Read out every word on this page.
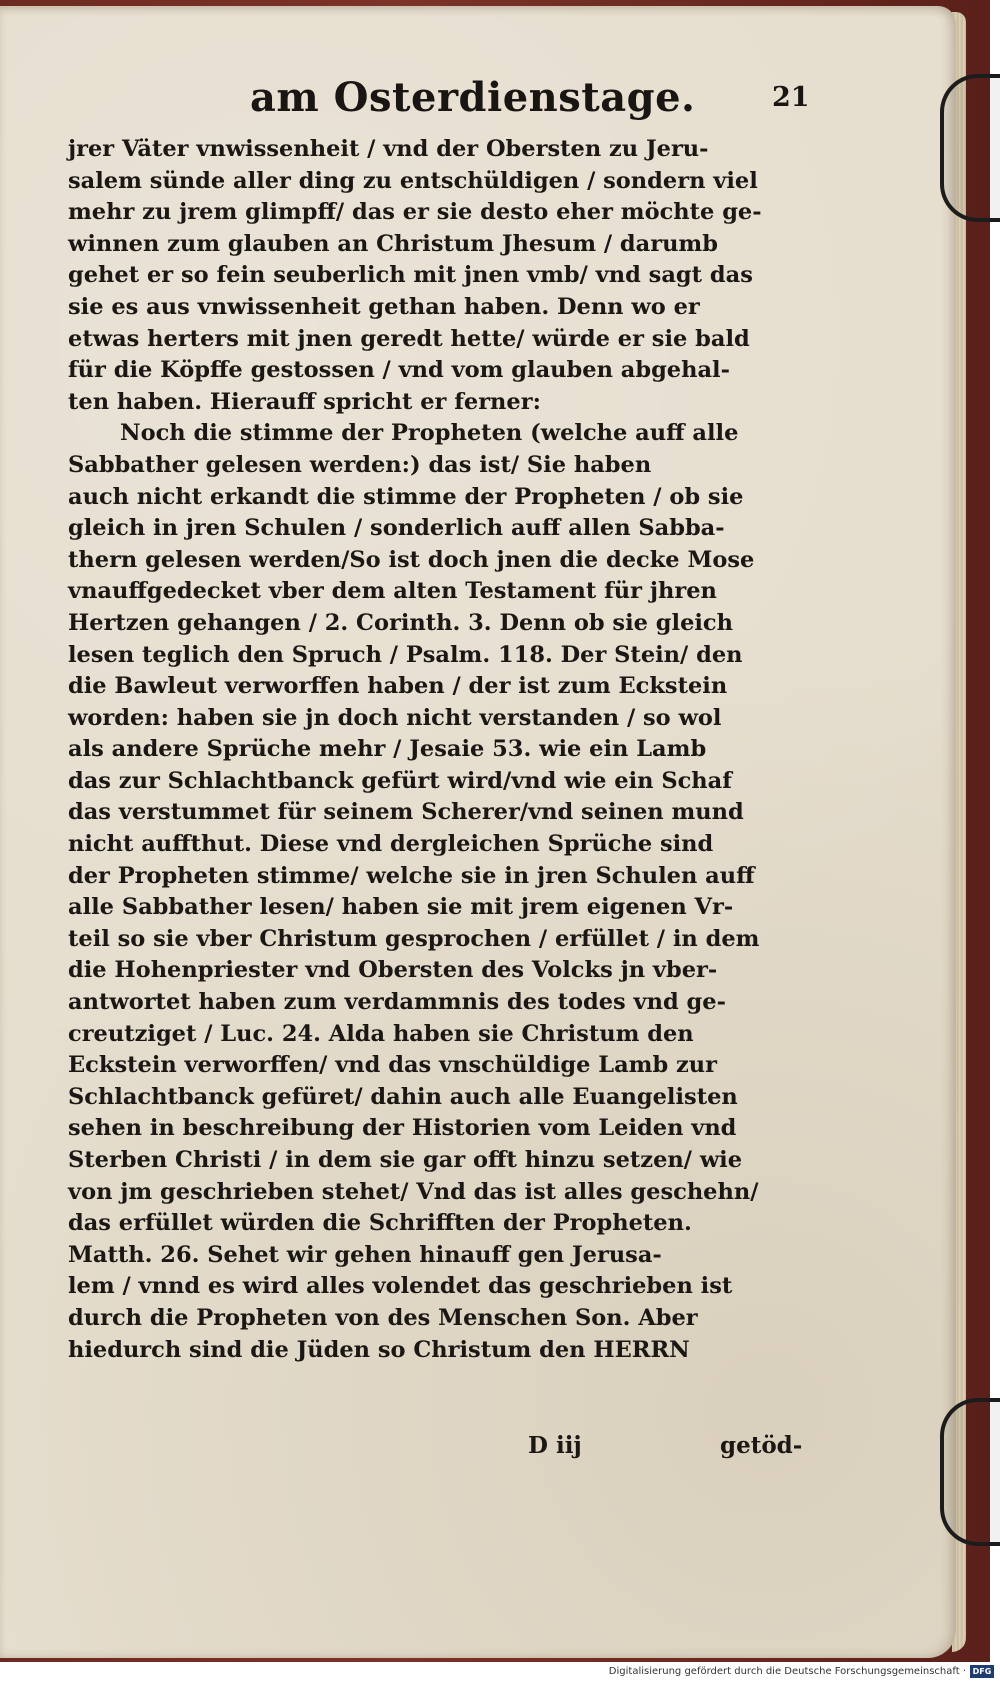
am Osterdienstage.	21
jrer Väter vnwissenheit / vnd der Obersten zu Jeru-
salem sünde aller ding zu entschüldigen / sondern viel
mehr zu jrem glimpff/ das er sie desto eher möchte ge-
winnen zum glauben an Christum Jhesum / darumb
gehet er so fein seuberlich mit jnen vmb/ vnd sagt das
sie es aus vnwissenheit gethan haben. Denn wo er
etwas herters mit jnen geredt hette/ würde er sie bald
für die Köpffe gestossen / vnd vom glauben abgehal-
ten haben. Hierauff spricht er ferner:
Noch die stimme der Propheten (welche auff alle
Sabbather gelesen werden:) das ist/ Sie haben
auch nicht erkandt die stimme der Propheten / ob sie
gleich in jren Schulen / sonderlich auff allen Sabba-
thern gelesen werden/So ist doch jnen die decke Mose
vnauffgedecket vber dem alten Testament für jhren
Hertzen gehangen / 2. Corinth. 3. Denn ob sie gleich
lesen teglich den Spruch / Psalm. 118. Der Stein/ den
die Bawleut verworffen haben / der ist zum Eckstein
worden: haben sie jn doch nicht verstanden / so wol
als andere Sprüche mehr / Jesaie 53. wie ein Lamb
das zur Schlachtbanck gefürt wird/vnd wie ein Schaf
das verstummet für seinem Scherer/vnd seinen mund
nicht auffthut. Diese vnd dergleichen Sprüche sind
der Propheten stimme/ welche sie in jren Schulen auff
alle Sabbather lesen/ haben sie mit jrem eigenen Vr-
teil so sie vber Christum gesprochen / erfüllet / in dem
die Hohenpriester vnd Obersten des Volcks jn vber-
antwortet haben zum verdammnis des todes vnd ge-
creutziget / Luc. 24. Alda haben sie Christum den
Eckstein verworffen/ vnd das vnschüldige Lamb zur
Schlachtbanck gefüret/ dahin auch alle Euangelisten
sehen in beschreibung der Historien vom Leiden vnd
Sterben Christi / in dem sie gar offt hinzu setzen/ wie
von jm geschrieben stehet/ Vnd das ist alles geschehn/
das erfüllet würden die Schrifften der Propheten.
Matth. 26. Sehet wir gehen hinauff gen Jerusa-
lem / vnnd es wird alles volendet das geschrieben ist
durch die Propheten von des Menschen Son. Aber
hiedurch sind die Jüden so Christum den HERRN
D iij	getöd-
Digitalisierung gefördert durch die Deutsche Forschungsgemeinschaft · DFG
